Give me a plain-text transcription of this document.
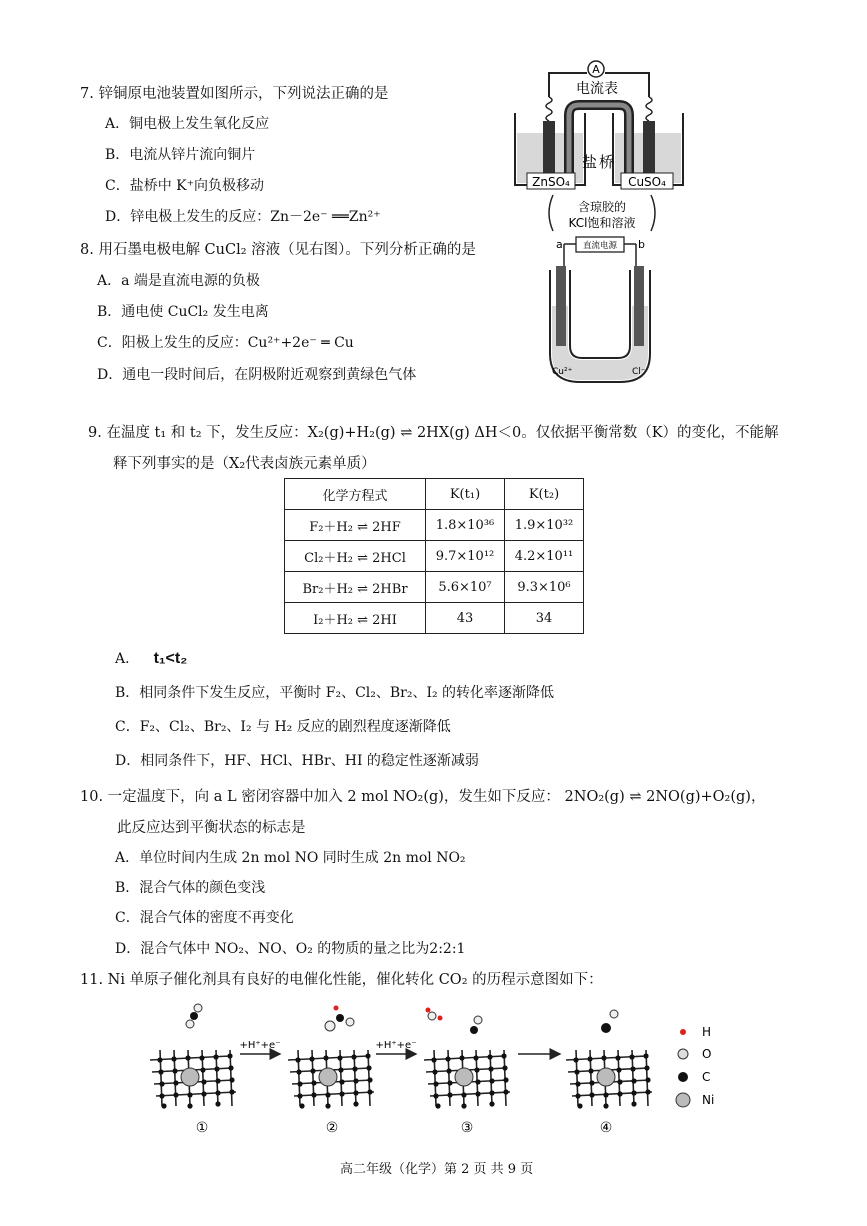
7. 锌铜原电池装置如图所示，下列说法正确的是
A．铜电极上发生氧化反应
B．电流从锌片流向铜片
C．盐桥中 K⁺向负极移动
D．锌电极上发生的反应：Zn－2e⁻ ══Zn²⁺
A
电流表
盐桥
ZnSO₄	CuSO₄
含琼胶的
KCl饱和溶液
8. 用石墨电极电解 CuCl₂ 溶液（见右图）。下列分析正确的是
A．a 端是直流电源的负极
B．通电使 CuCl₂ 发生电离
C．阳极上发生的反应：Cu²⁺+2e⁻ ═ Cu
D．通电一段时间后，在阴极附近观察到黄绿色气体
a	b
直流电源
Cu²⁺	Cl⁻
9. 在温度 t₁ 和 t₂ 下，发生反应：X₂(g)+H₂(g) ⇌ 2HX(g) ΔH＜0。仅依据平衡常数（K）的变化，不能解
释下列事实的是（X₂代表卤族元素单质）
化学方程式	K(t₁)	K(t₂)
F₂＋H₂ ⇌ 2HF	1.8×10³⁶	1.9×10³²
Cl₂＋H₂ ⇌ 2HCl	9.7×10¹²	4.2×10¹¹
Br₂＋H₂ ⇌ 2HBr	5.6×10⁷	9.3×10⁶
I₂＋H₂ ⇌ 2HI	43	34
A． t₁<t₂
B．相同条件下发生反应，平衡时 F₂、Cl₂、Br₂、I₂ 的转化率逐渐降低
C．F₂、Cl₂、Br₂、I₂ 与 H₂ 反应的剧烈程度逐渐降低
D．相同条件下，HF、HCl、HBr、HI 的稳定性逐渐减弱
10. 一定温度下，向 a L 密闭容器中加入 2 mol NO₂(g)，发生如下反应： 2NO₂(g) ⇌ 2NO(g)+O₂(g)，
此反应达到平衡状态的标志是
A．单位时间内生成 2n mol NO 同时生成 2n mol NO₂
B．混合气体的颜色变浅
C．混合气体的密度不再变化
D．混合气体中 NO₂、NO、O₂ 的物质的量之比为2:2:1
11. Ni 单原子催化剂具有良好的电催化性能，催化转化 CO₂ 的历程示意图如下：
+H⁺+e⁻	+H⁺+e⁻
①	②	③	④
H
O
C
Ni
高二年级（化学）第 2 页 共 9 页
